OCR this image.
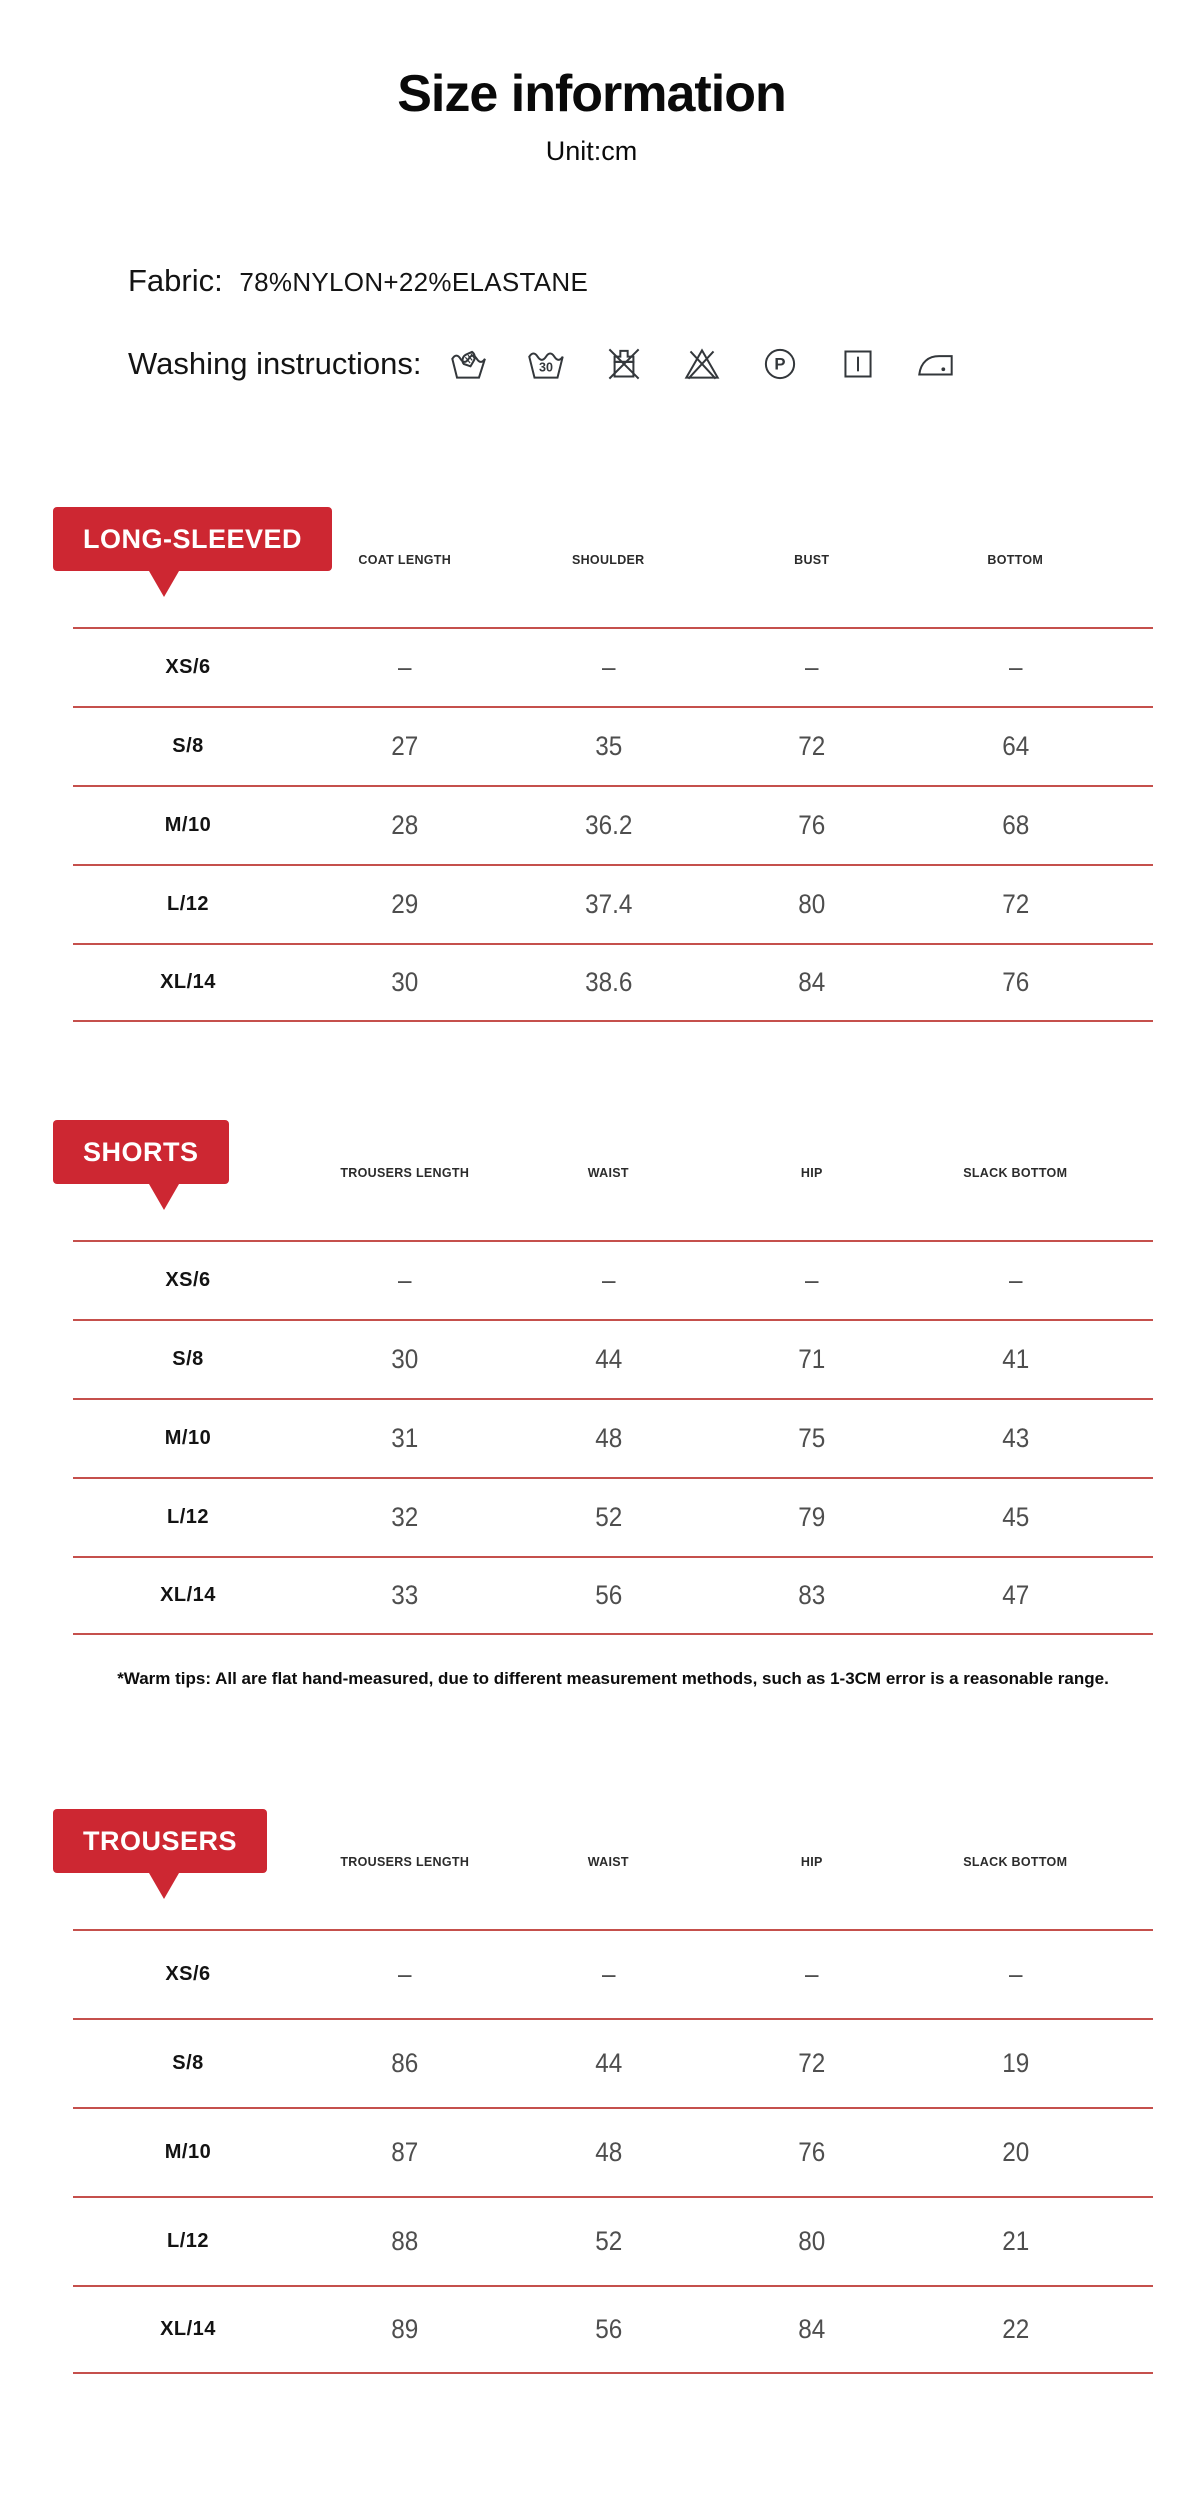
Size information
Unit:cm
Fabric: 78%NYLON+22%ELASTANE
Washing instructions:	30	P
LONG-SLEEVED
COAT LENGTH	SHOULDER	BUST	BOTTOM
XS/6	–	–	–	–
S/8	27	35	72	64
M/10	28	36.2	76	68
L/12	29	37.4	80	72
XL/14	30	38.6	84	76
SHORTS
TROUSERS LENGTH	WAIST	HIP	SLACK BOTTOM
XS/6	–	–	–	–
S/8	30	44	71	41
M/10	31	48	75	43
L/12	32	52	79	45
XL/14	33	56	83	47
*Warm tips: All are flat hand-measured, due to different measurement methods, such as 1-3CM error is a reasonable range.
TROUSERS
TROUSERS LENGTH	WAIST	HIP	SLACK BOTTOM
XS/6	–	–	–	–
S/8	86	44	72	19
M/10	87	48	76	20
L/12	88	52	80	21
XL/14	89	56	84	22
